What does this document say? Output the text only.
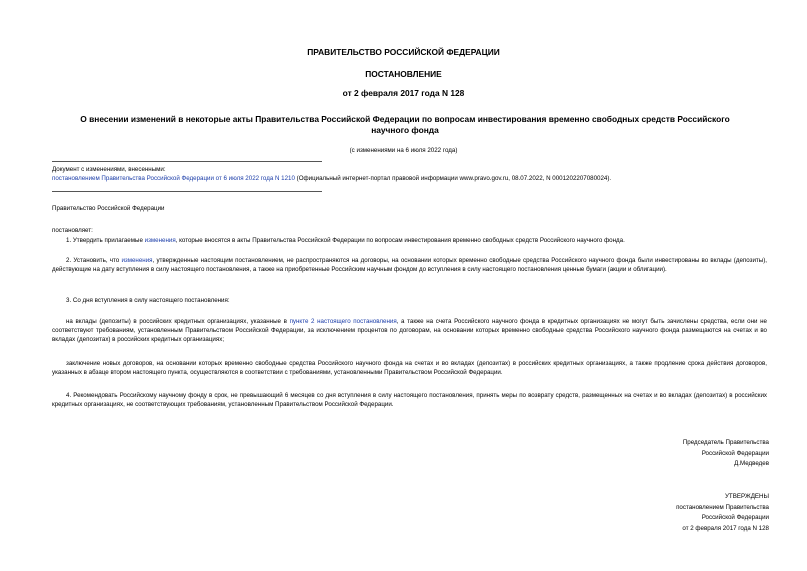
ПРАВИТЕЛЬСТВО РОССИЙСКОЙ ФЕДЕРАЦИИ
ПОСТАНОВЛЕНИЕ
от 2 февраля 2017 года N 128
О внесении изменений в некоторые акты Правительства Российской Федерации по вопросам инвестирования временно свободных средств Российского научного фонда
(с изменениями на 6 июля 2022 года)
Документ с изменениями, внесенными:
постановлением Правительства Российской Федерации от 6 июля 2022 года N 1210 (Официальный интернет-портал правовой информации www.pravo.gov.ru, 08.07.2022, N 0001202207080024).
Правительство Российской Федерации
постановляет:
1. Утвердить прилагаемые изменения, которые вносятся в акты Правительства Российской Федерации по вопросам инвестирования временно свободных средств Российского научного фонда.
2. Установить, что изменения, утвержденные настоящим постановлением, не распространяются на договоры, на основании которых временно свободные средства Российского научного фонда были инвестированы во вклады (депозиты), действующие на дату вступления в силу настоящего постановления, а также на приобретенные Российским научным фондом до вступления в силу настоящего постановления ценные бумаги (акции и облигации).
3. Со дня вступления в силу настоящего постановления:
на вклады (депозиты) в российских кредитных организациях, указанные в пункте 2 настоящего постановления, а также на счета Российского научного фонда в кредитных организациях не могут быть зачислены средства, если они не соответствуют требованиям, установленным Правительством Российской Федерации, за исключением процентов по договорам, на основании которых временно свободные средства Российского научного фонда размещаются на счетах и во вкладах (депозитах) в российских кредитных организациях;
заключение новых договоров, на основании которых временно свободные средства Российского научного фонда на счетах и во вкладах (депозитах) в российских кредитных организациях, а также продление срока действия договоров, указанных в абзаце втором настоящего пункта, осуществляются в соответствии с требованиями, установленными Правительством Российской Федерации.
4. Рекомендовать Российскому научному фонду в срок, не превышающий 6 месяцев со дня вступления в силу настоящего постановления, принять меры по возврату средств, размещенных на счетах и во вкладах (депозитах) в российских кредитных организациях, не соответствующих требованиям, установленным Правительством Российской Федерации.
Председатель Правительства
Российской Федерации
Д.Медведев
УТВЕРЖДЕНЫ
постановлением Правительства
Российской Федерации
от 2 февраля 2017 года N 128
